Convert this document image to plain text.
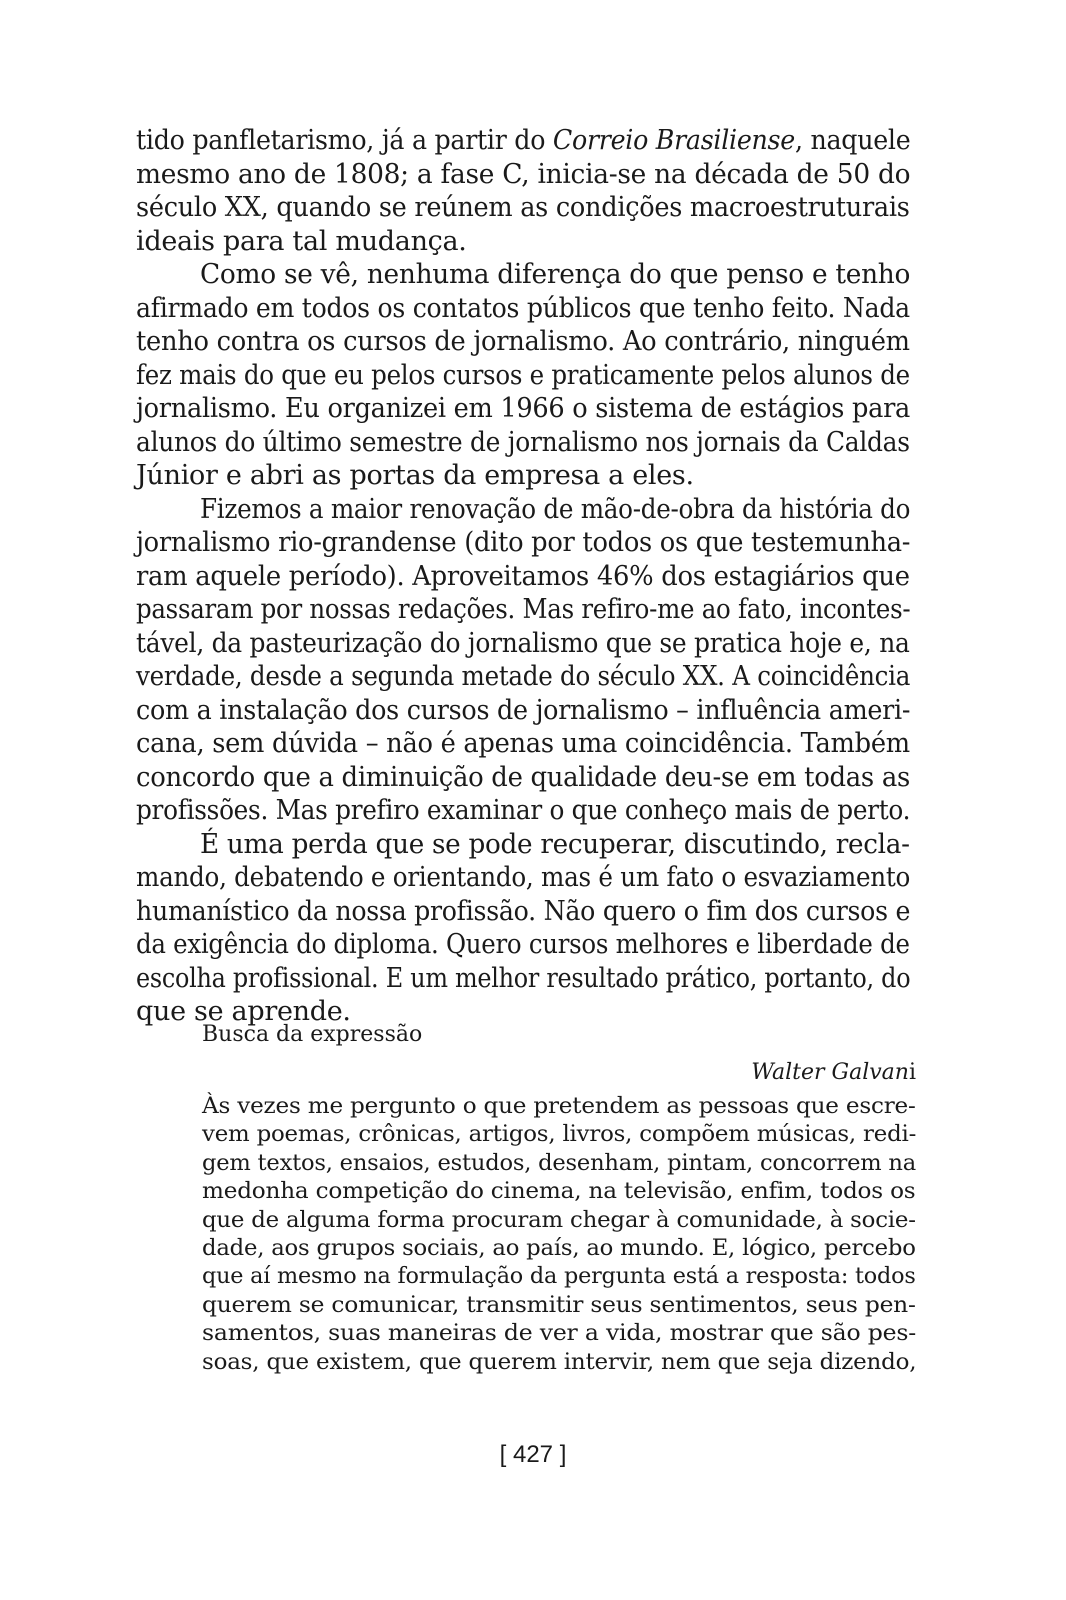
tido panfletarismo, já a partir do Correio Brasiliense, naquele

mesmo ano de 1808; a fase C, inicia-se na década de 50 do

século XX, quando se reúnem as condições macroestruturais

ideais para tal mudança.

Como se vê, nenhuma diferença do que penso e tenho

afirmado em todos os contatos públicos que tenho feito. Nada

tenho contra os cursos de jornalismo. Ao contrário, ninguém

fez mais do que eu pelos cursos e praticamente pelos alunos de

jornalismo. Eu organizei em 1966 o sistema de estágios para

alunos do último semestre de jornalismo nos jornais da Caldas

Júnior e abri as portas da empresa a eles.

Fizemos a maior renovação de mão-de-obra da história do

jornalismo rio-grandense (dito por todos os que testemunha-

ram aquele período). Aproveitamos 46% dos estagiários que

passaram por nossas redações. Mas refiro-me ao fato, incontes-

tável, da pasteurização do jornalismo que se pratica hoje e, na

verdade, desde a segunda metade do século XX. A coincidência

com a instalação dos cursos de jornalismo – influência ameri-

cana, sem dúvida – não é apenas uma coincidência. Também

concordo que a diminuição de qualidade deu-se em todas as

profissões. Mas prefiro examinar o que conheço mais de perto.

É uma perda que se pode recuperar, discutindo, recla-

mando, debatendo e orientando, mas é um fato o esvaziamento

humanístico da nossa profissão. Não quero o fim dos cursos e

da exigência do diploma. Quero cursos melhores e liberdade de

escolha profissional. E um melhor resultado prático, portanto, do

que se aprende.

Busca da expressão
Walter Galvani

Às vezes me pergunto o que pretendem as pessoas que escre-

vem poemas, crônicas, artigos, livros, compõem músicas, redi-

gem textos, ensaios, estudos, desenham, pintam, concorrem na

medonha competição do cinema, na televisão, enfim, todos os

que de alguma forma procuram chegar à comunidade, à socie-

dade, aos grupos sociais, ao país, ao mundo. E, lógico, percebo

que aí mesmo na formulação da pergunta está a resposta: todos

querem se comunicar, transmitir seus sentimentos, seus pen-

samentos, suas maneiras de ver a vida, mostrar que são pes-

soas, que existem, que querem intervir, nem que seja dizendo,

[ 427 ]
